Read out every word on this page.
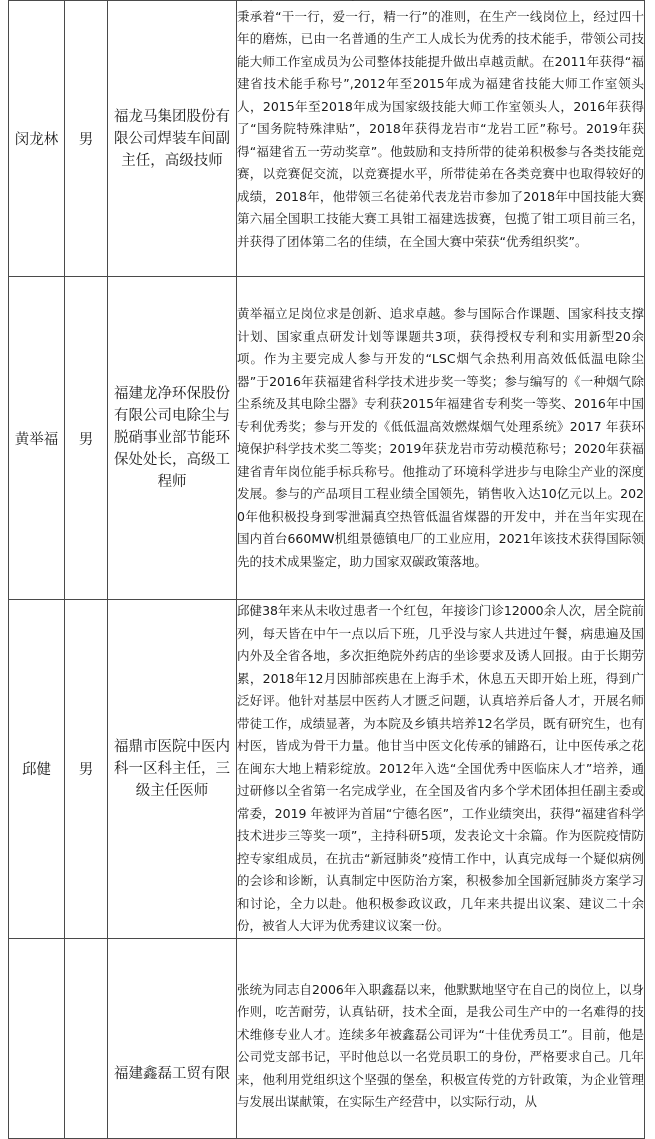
闵龙林	男	福龙马集团股份有限公司焊装车间副主任，高级技师	秉承着“干一行，爱一行，精一行”的准则，在生产一线岗位上，经过四十年的磨炼，已由一名普通的生产工人成长为优秀的技术能手，带领公司技能大师工作室成员为公司整体技能提升做出卓越贡献。在2011年获得“福建省技术能手称号”,2012年至2015年成为福建省技能大师工作室领头人，2015年至2018年成为国家级技能大师工作室领头人，2016年获得了“国务院特殊津贴”，2018年获得龙岩市“龙岩工匠”称号。2019年获得“福建省五一劳动奖章”。他鼓励和支持所带的徒弟积极参与各类技能竞赛，以竞赛促交流，以竞赛提水平，所带徒弟在各类竞赛中也取得较好的成绩，2018年，他带领三名徒弟代表龙岩市参加了2018年中国技能大赛第六届全国职工技能大赛工具钳工福建选拔赛，包揽了钳工项目前三名，并获得了团体第二名的佳绩，在全国大赛中荣获“优秀组织奖”。

黄举福	男	福建龙净环保股份有限公司电除尘与脱硝事业部节能环保处处长，高级工程师	黄举福立足岗位求是创新、追求卓越。参与国际合作课题、国家科技支撑计划、国家重点研发计划等课题共3项，获得授权专利和实用新型20余项。作为主要完成人参与开发的“LSC烟气余热利用高效低低温电除尘器”于2016年获福建省科学技术进步奖一等奖；参与编写的《一种烟气除尘系统及其电除尘器》专利获2015年福建省专利奖一等奖、2016年中国专利优秀奖；参与开发的《低低温高效燃煤烟气处理系统》2017 年获环境保护科学技术奖二等奖；2019年获龙岩市劳动模范称号；2020年获福建省青年岗位能手标兵称号。他推动了环境科学进步与电除尘产业的深度发展。参与的产品项目工程业绩全国领先，销售收入达10亿元以上。2020年他积极投身到零泄漏真空热管低温省煤器的开发中，并在当年实现在国内首台660MW机组景德镇电厂的工业应用，2021年该技术获得国际领先的技术成果鉴定，助力国家双碳政策落地。

邱健	男	福鼎市医院中医内科一区科主任，三级主任医师	邱健38年来从未收过患者一个红包，年接诊门诊12000余人次，居全院前列，每天皆在中午一点以后下班，几乎没与家人共进过午餐，病患遍及国内外及全省各地，多次拒绝院外药店的坐诊要求及诱人回报。由于长期劳累，2018年12月因肺部疾患在上海手术，休息五天即开始上班，得到广泛好评。他针对基层中医药人才匮乏问题，认真培养后备人才，开展名师带徒工作，成绩显著，为本院及乡镇共培养12名学员，既有研究生，也有村医，皆成为骨干力量。他甘当中医文化传承的铺路石，让中医传承之花在闽东大地上精彩绽放。2012年入选“全国优秀中医临床人才”培养，通过研修以全省第一名完成学业，在全国及省内多个学术团体担任副主委或常委，2019 年被评为首届“宁德名医”，工作业绩突出，获得“福建省科学技术进步三等奖一项”，主持科研5项，发表论文十余篇。作为医院疫情防控专家组成员，在抗击“新冠肺炎”疫情工作中，认真完成每一个疑似病例的会诊和诊断，认真制定中医防治方案，积极参加全国新冠肺炎方案学习和讨论，全力以赴。他积极参政议政，几年来共提出议案、建议二十余份，被省人大评为优秀建议议案一份。

		福建鑫磊工贸有限	张统为同志自2006年入职鑫磊以来，他默默地坚守在自己的岗位上，以身作则，吃苦耐劳，认真钻研，技术全面，是我公司生产中的一名难得的技术维修专业人才。连续多年被鑫磊公司评为“十佳优秀员工”。目前，他是公司党支部书记，平时他总以一名党员职工的身份，严格要求自己。几年来，他利用党组织这个坚强的堡垒，积极宣传党的方针政策，为企业管理与发展出谋献策，在实际生产经营中，以实际行动，从
